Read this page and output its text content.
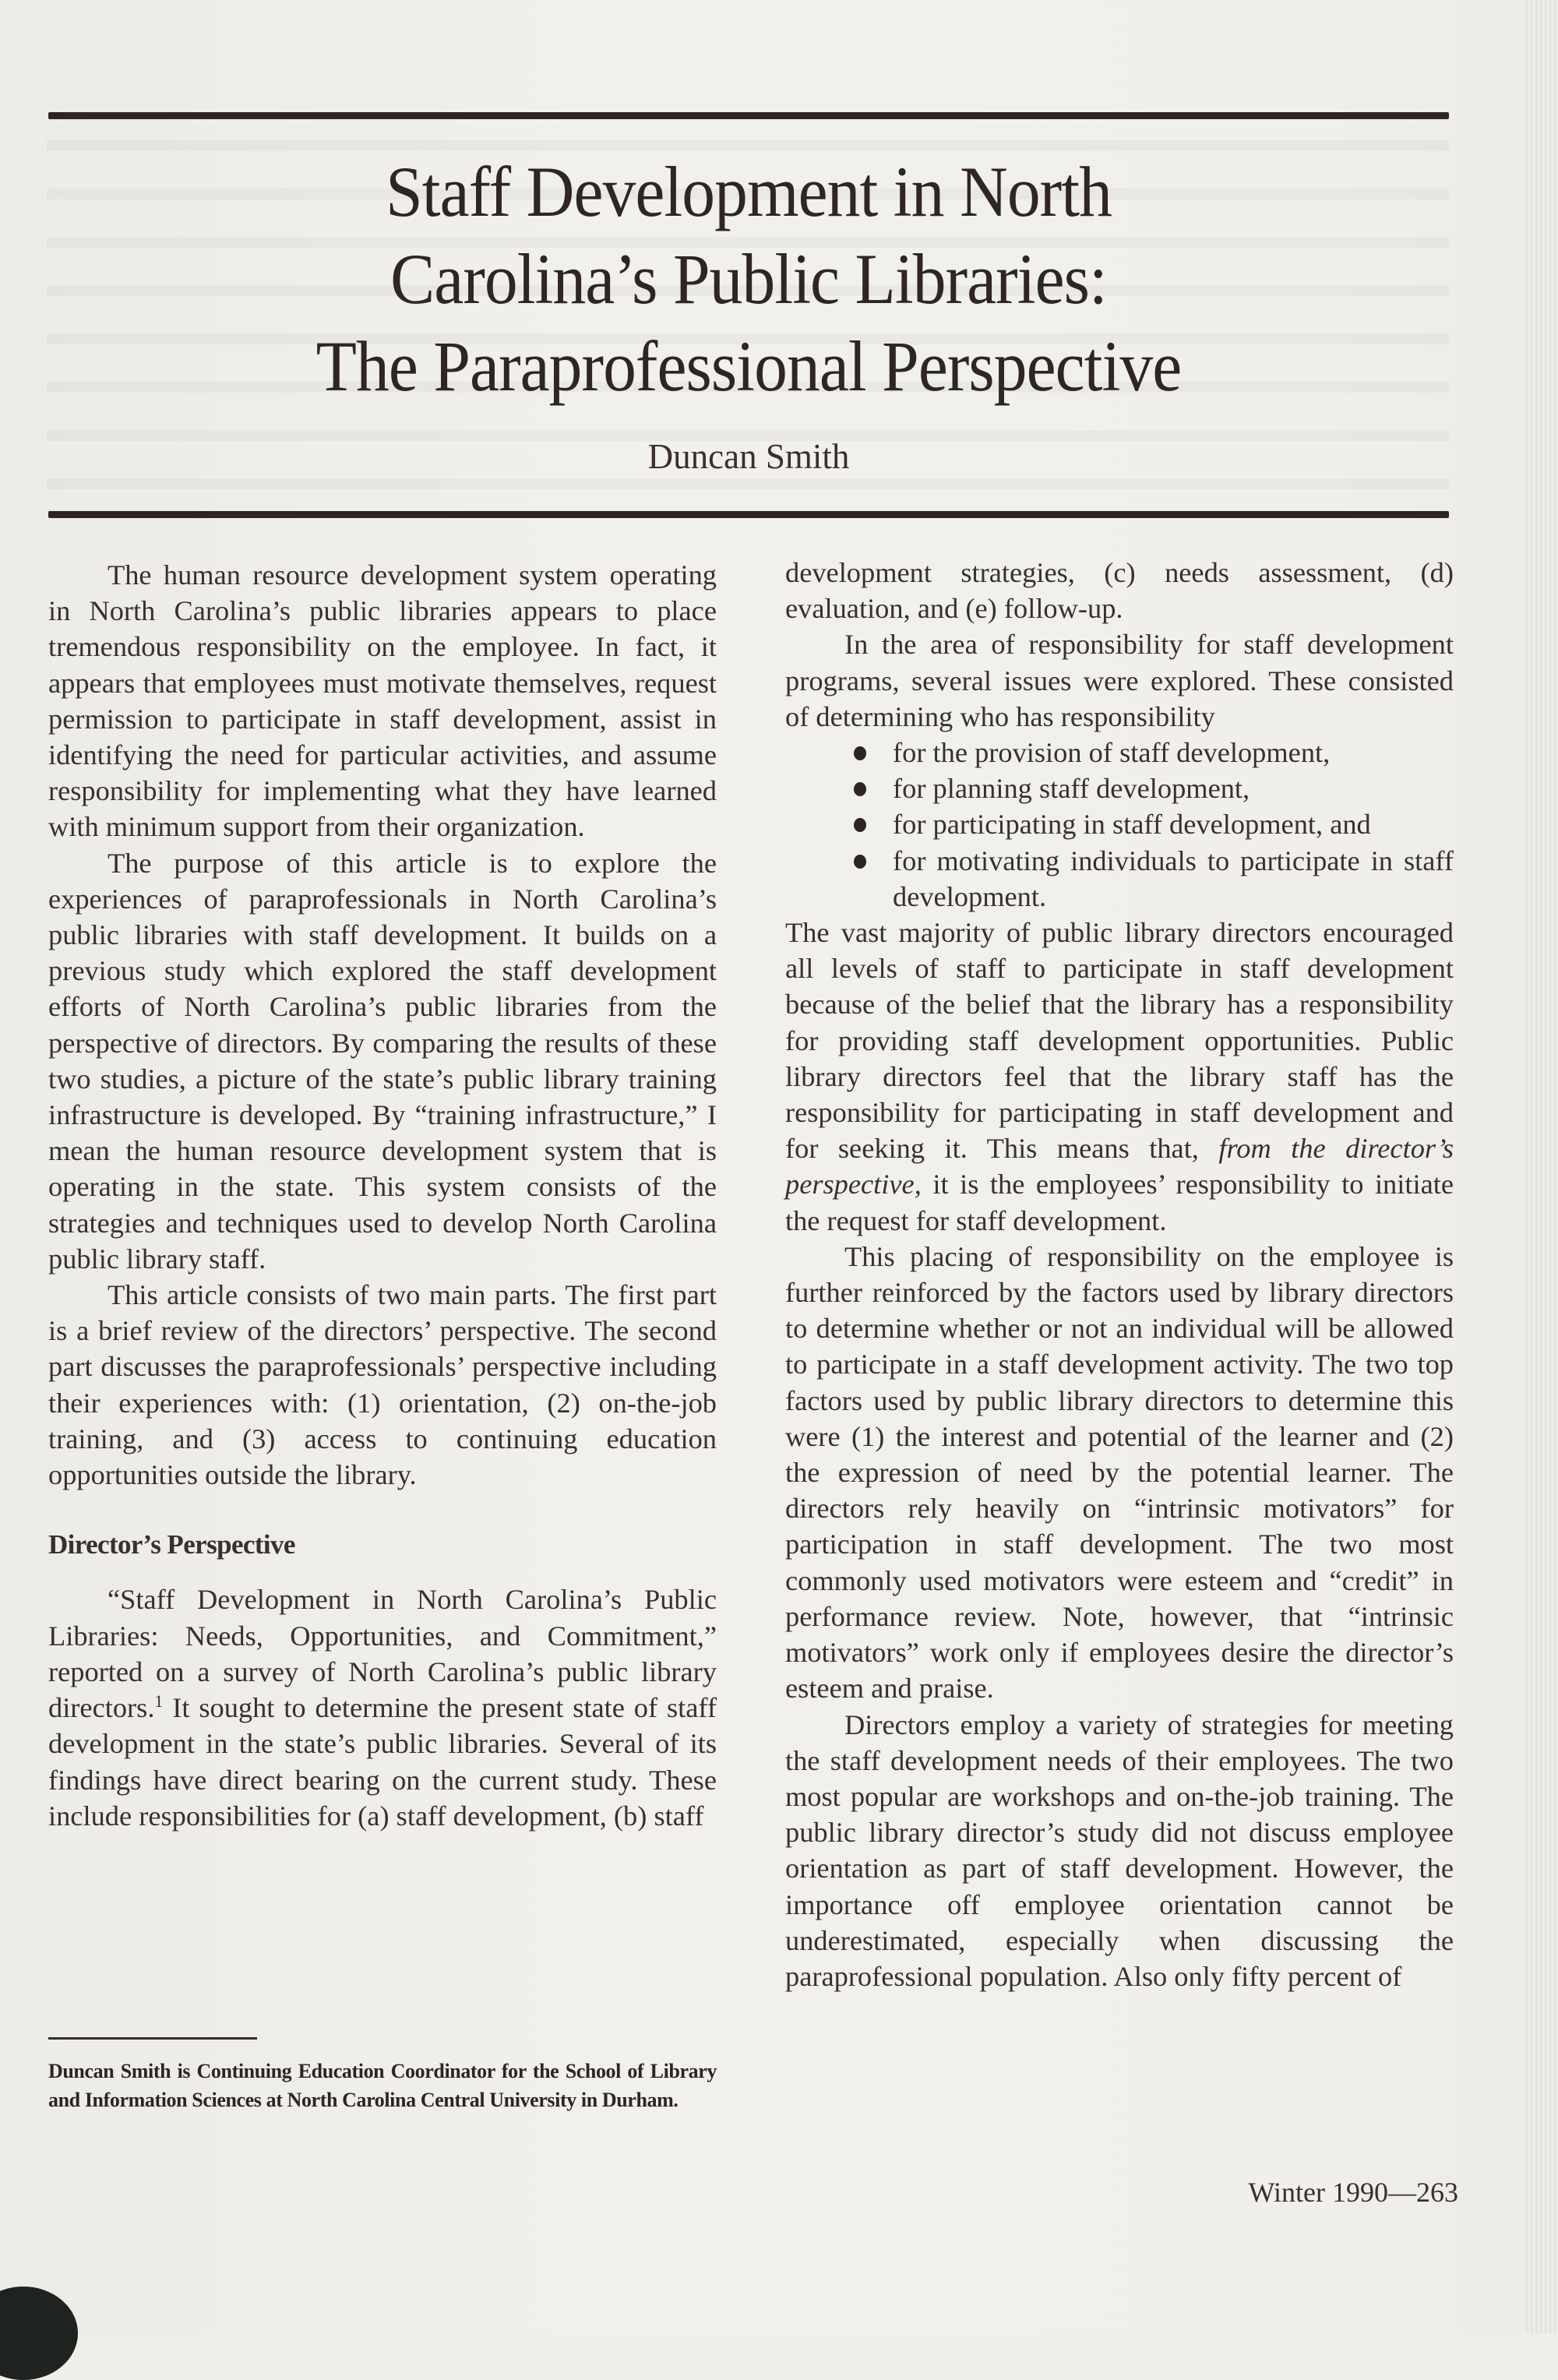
Staff Development in North
Carolina’s Public Libraries:
The Paraprofessional Perspective
Duncan Smith

The human resource development system operating in North Carolina’s public libraries appears to place tremendous responsibility on the employee. In fact, it appears that employees must motivate themselves, request permission to participate in staff development, assist in identifying the need for particular activities, and assume responsibility for implementing what they have learned with minimum support from their organization.

The purpose of this article is to explore the experiences of paraprofessionals in North Carolina’s public libraries with staff development. It builds on a previous study which explored the staff development efforts of North Carolina’s public libraries from the perspective of directors. By comparing the results of these two studies, a picture of the state’s public library training infrastructure is developed. By “training infrastructure,” I mean the human resource development system that is operating in the state. This system consists of the strategies and techniques used to develop North Carolina public library staff.

This article consists of two main parts. The first part is a brief review of the directors’ perspective. The second part discusses the paraprofessionals’ perspective including their experiences with: (1) orientation, (2) on-the-job training, and (3) access to continuing education opportunities outside the library.

Director’s Perspective

“Staff Development in North Carolina’s Public Libraries: Needs, Opportunities, and Commitment,” reported on a survey of North Carolina’s public library directors.$^1$ It sought to determine the present state of staff development in the state’s public libraries. Several of its findings have direct bearing on the current study. These include responsibilities for (a) staff development, (b) staff

Duncan Smith is Continuing Education Coordinator for the School of Library and Information Sciences at North Carolina Central University in Durham.

development strategies, (c) needs assessment, (d) evaluation, and (e) follow-up.

In the area of responsibility for staff development programs, several issues were explored. These consisted of determining who has responsibility

for the provision of staff development,
for planning staff development,
for participating in staff development, and
for motivating individuals to participate in staff development.

The vast majority of public library directors encouraged all levels of staff to participate in staff development because of the belief that the library has a responsibility for providing staff development opportunities. Public library directors feel that the library staff has the responsibility for participating in staff development and for seeking it. This means that, from the director’s perspective, it is the employees’ responsibility to initiate the request for staff development.

This placing of responsibility on the employee is further reinforced by the factors used by library directors to determine whether or not an individual will be allowed to participate in a staff development activity. The two top factors used by public library directors to determine this were (1) the interest and potential of the learner and (2) the expression of need by the potential learner. The directors rely heavily on “intrinsic motivators” for participation in staff development. The two most commonly used motivators were esteem and “credit” in performance review. Note, however, that “intrinsic motivators” work only if employees desire the director’s esteem and praise.

Directors employ a variety of strategies for meeting the staff development needs of their employees. The two most popular are workshops and on-the-job training. The public library director’s study did not discuss employee orientation as part of staff development. However, the importance off employee orientation cannot be underestimated, especially when discussing the paraprofessional population. Also only fifty percent of

Winter 1990—263
